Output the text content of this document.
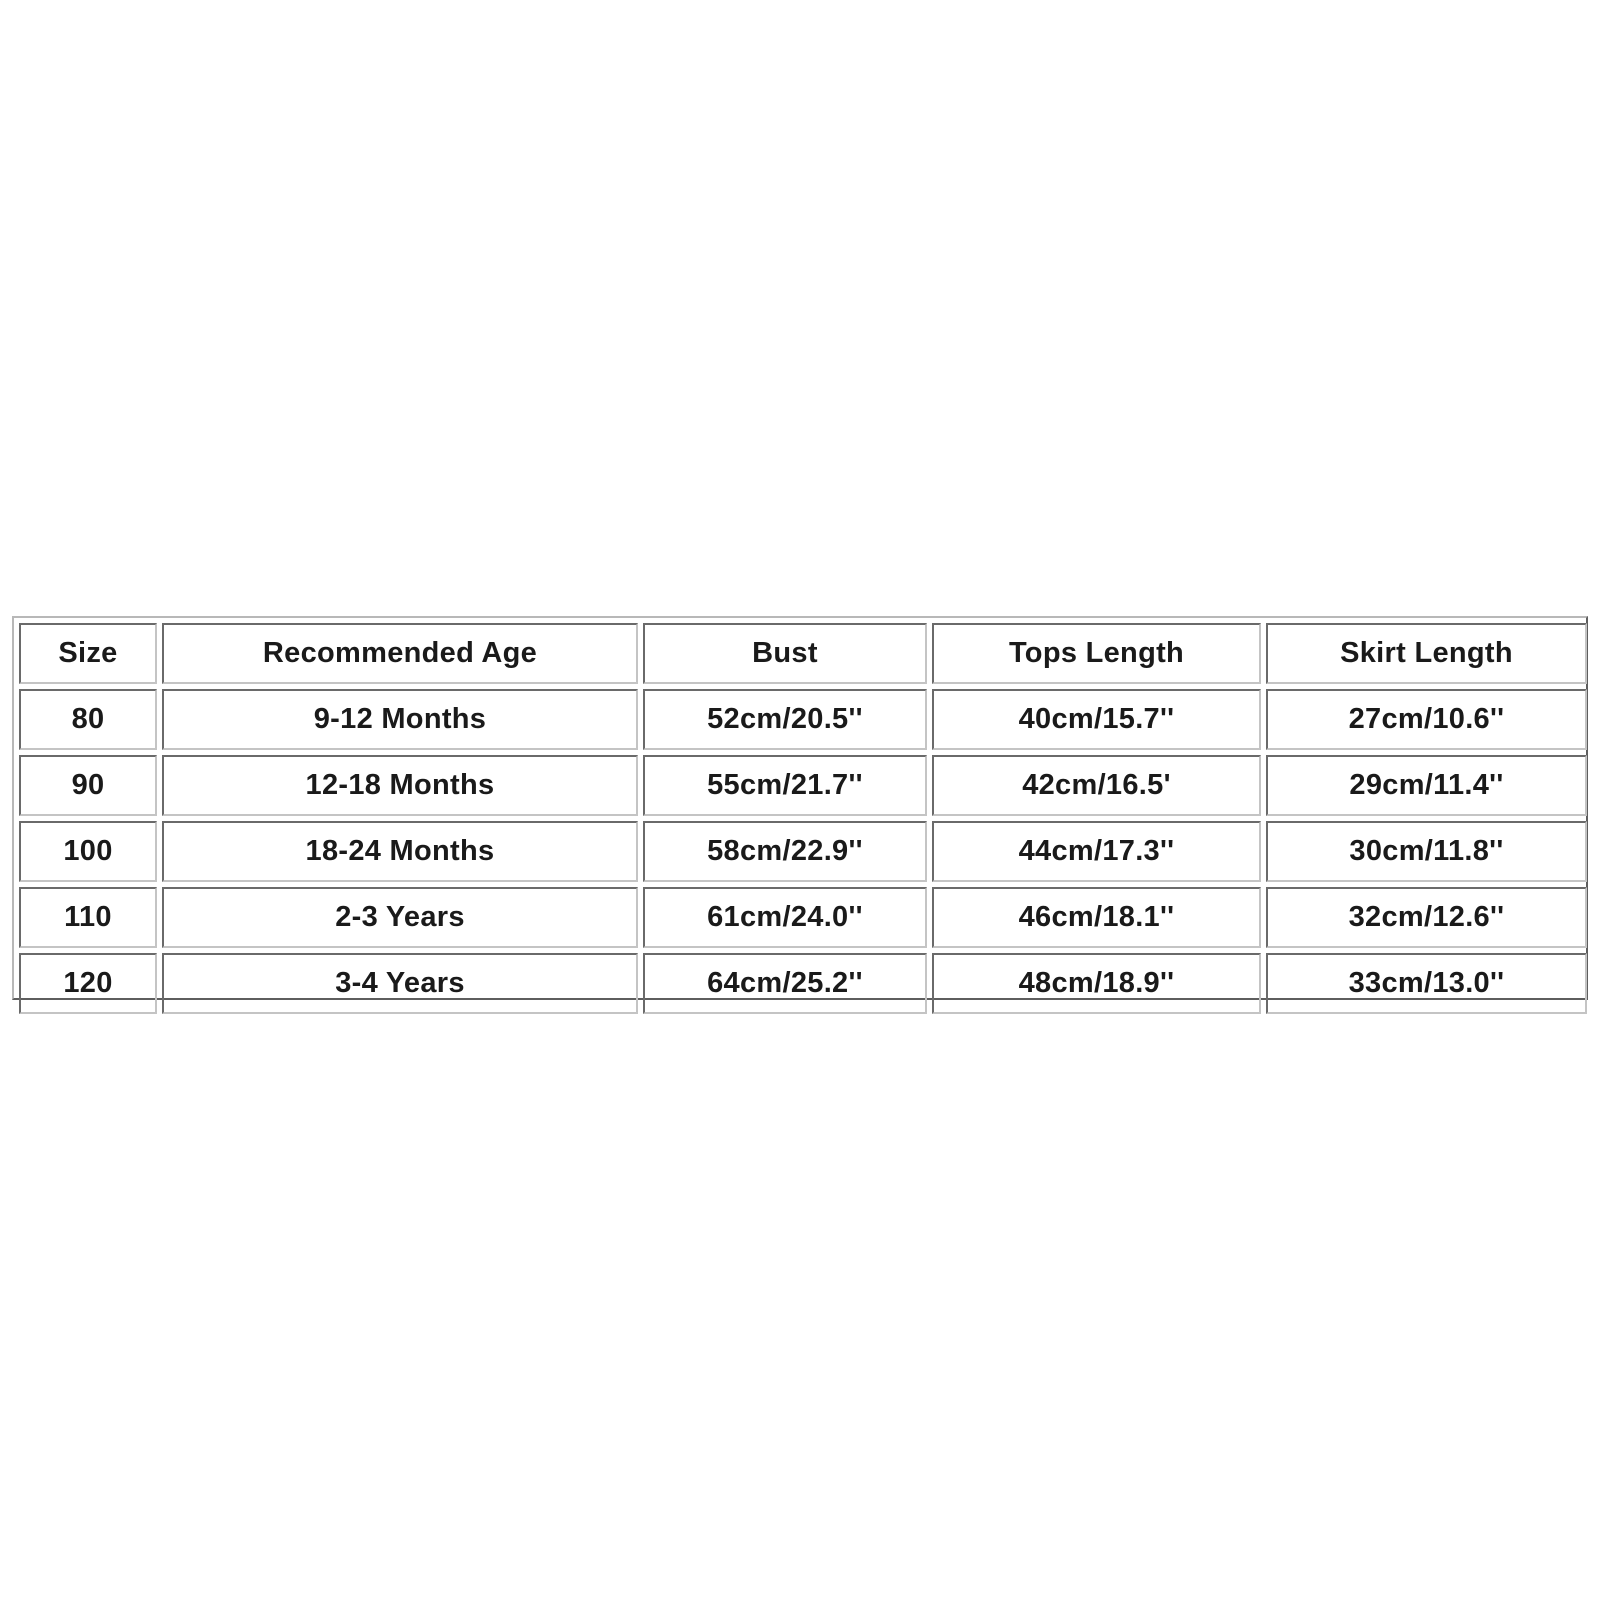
Size	Recommended Age	Bust	Tops Length	Skirt Length
80	9-12 Months	52cm/20.5''	40cm/15.7''	27cm/10.6''
90	12-18 Months	55cm/21.7''	42cm/16.5'	29cm/11.4''
100	18-24 Months	58cm/22.9''	44cm/17.3''	30cm/11.8''
110	2-3 Years	61cm/24.0''	46cm/18.1''	32cm/12.6''
120	3-4 Years	64cm/25.2''	48cm/18.9''	33cm/13.0''
